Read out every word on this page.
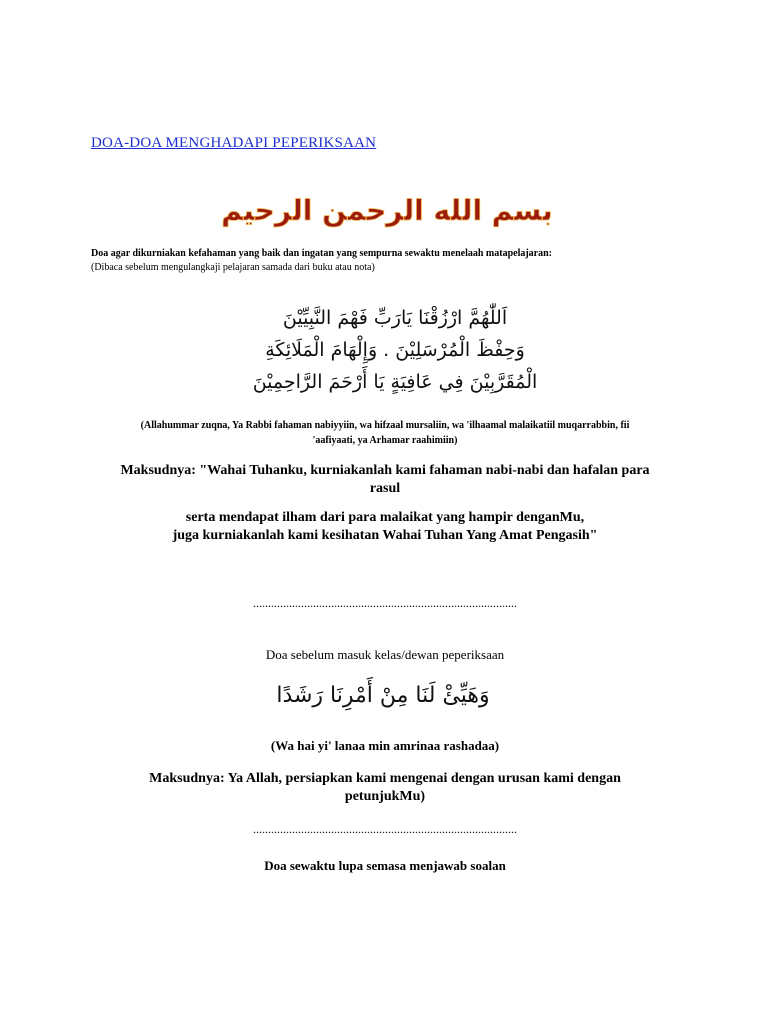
DOA-DOA MENGHADAPI PEPERIKSAAN
بسم الله الرحمن الرحيم
Doa agar dikurniakan kefahaman yang baik dan ingatan yang sempurna sewaktu menelaah matapelajaran:
(Dibaca sebelum mengulangkaji pelajaran samada dari buku atau nota)
اَللّٰهُمَّ ارْزُقْنَا يَارَبِّ فَهْمَ النَّبِيِّيْنَ
وَحِفْظَ الْمُرْسَلِيْنَ . وَإِلْهَامَ الْمَلَائِكَةِ
الْمُقَرَّبِيْنَ فِي عَافِيَةٍ يَا أَرْحَمَ الرَّاحِمِيْنَ
(Allahummar zuqna, Ya Rabbi fahaman nabiyyiin, wa hifzaal mursaliin, wa 'ilhaamal malaikatiil muqarrabbin, fii
'aafiyaati, ya Arhamar raahimiin)
Maksudnya: "Wahai Tuhanku, kurniakanlah kami fahaman nabi-nabi dan hafalan para
rasul
serta mendapat ilham dari para malaikat yang hampir denganMu,
juga kurniakanlah kami kesihatan Wahai Tuhan Yang Amat Pengasih"
........................................................................................
Doa sebelum masuk kelas/dewan peperiksaan
وَهَيِّئْ لَنَا مِنْ أَمْرِنَا رَشَدًا
(Wa hai yi' lanaa min amrinaa rashadaa)
Maksudnya: Ya Allah, persiapkan kami mengenai dengan urusan kami dengan
petunjukMu)
........................................................................................
Doa sewaktu lupa semasa menjawab soalan
